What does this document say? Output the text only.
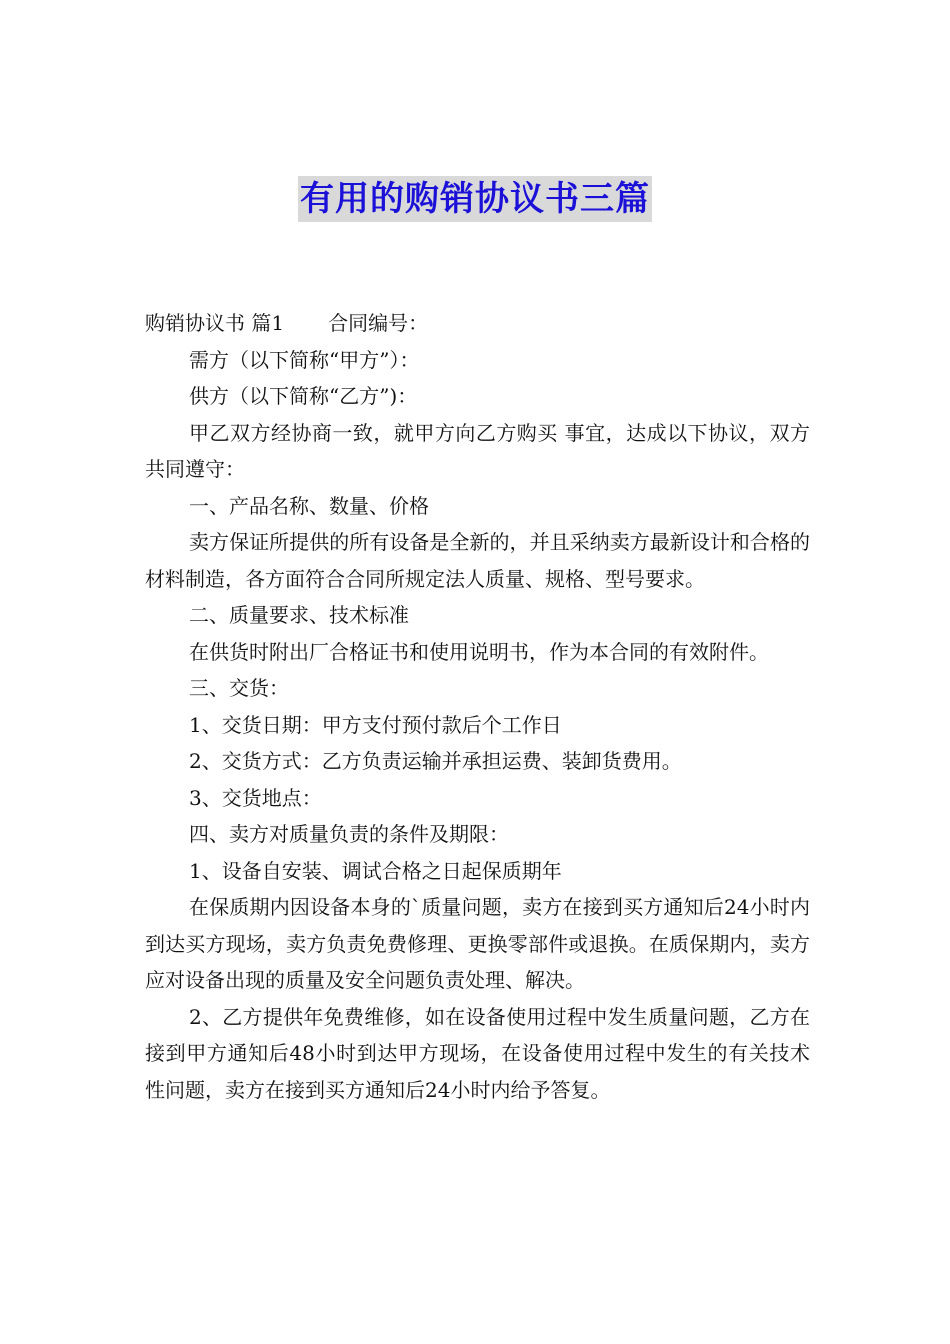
有用的购销协议书三篇

购销协议书 篇1 合同编号：

需方（以下简称“甲方”）：

供方（以下简称“乙方”)：

甲乙双方经协商一致，就甲方向乙方购买 事宜，达成以下协议，双方共同遵守：

一、产品名称、数量、价格

卖方保证所提供的所有设备是全新的，并且采纳卖方最新设计和合格的材料制造，各方面符合合同所规定法人质量、规格、型号要求。

二、质量要求、技术标准

在供货时附出厂合格证书和使用说明书，作为本合同的有效附件。

三、交货：

1、交货日期：甲方支付预付款后个工作日

2、交货方式：乙方负责运输并承担运费、装卸货费用。

3、交货地点：

四、卖方对质量负责的条件及期限：

1、设备自安装、调试合格之日起保质期年

在保质期内因设备本身的`质量问题，卖方在接到买方通知后24小时内到达买方现场，卖方负责免费修理、更换零部件或退换。在质保期内，卖方应对设备出现的质量及安全问题负责处理、解决。

2、乙方提供年免费维修，如在设备使用过程中发生质量问题，乙方在接到甲方通知后48小时到达甲方现场，在设备使用过程中发生的有关技术性问题，卖方在接到买方通知后24小时内给予答复。
